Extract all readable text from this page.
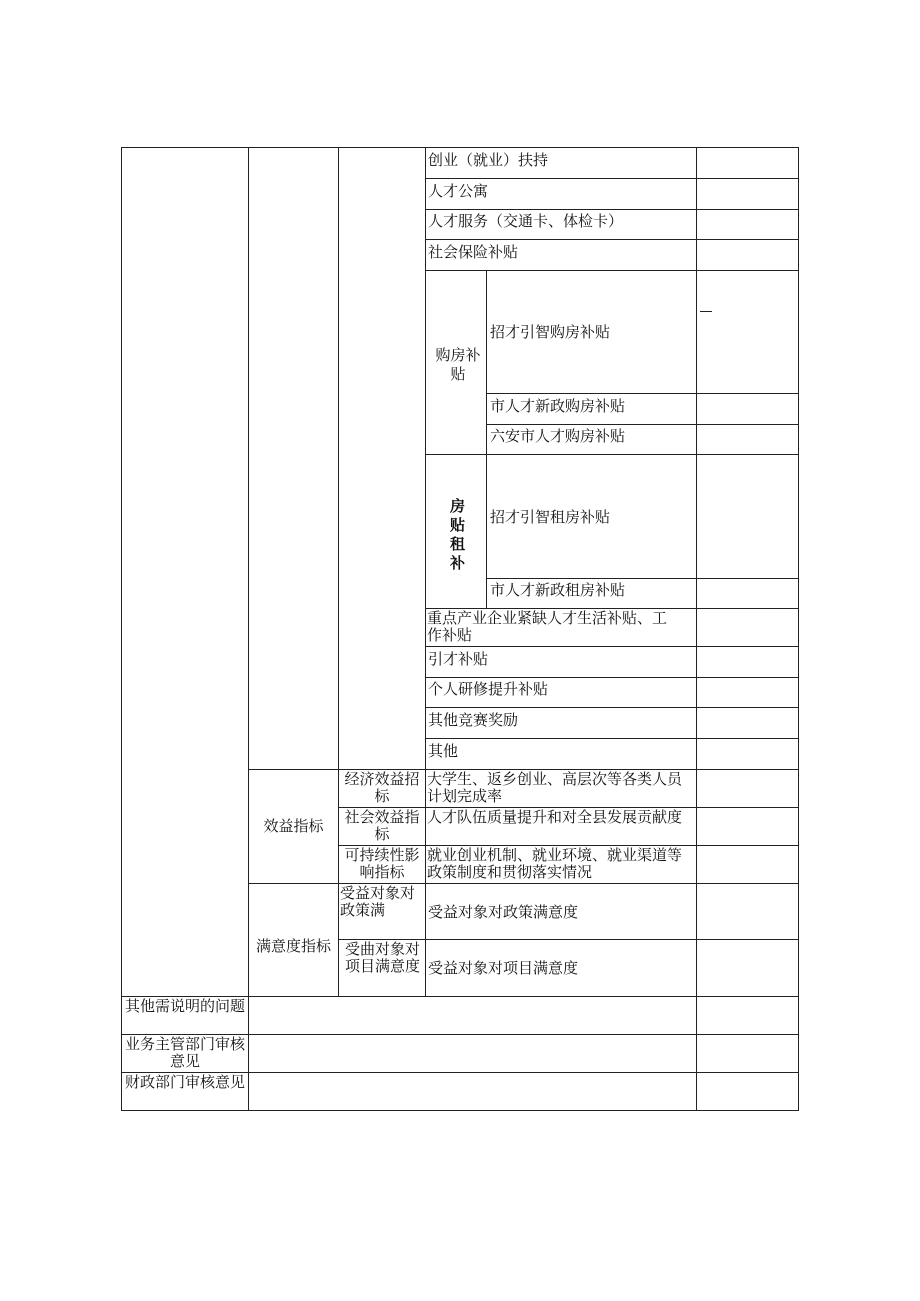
创业（就业）扶持
人才公寓
人才服务（交通卡、体检卡）
社会保险补贴
购房补贴
招才引智购房补贴
市人才新政购房补贴
六安市人才购房补贴
房贴租补
招才引智租房补贴
市人才新政租房补贴
重点产业企业紧缺人才生活补贴、工作补贴
引才补贴
个人研修提升补贴
其他竞赛奖励
其他
效益指标
经济效益招标
大学生、返乡创业、高层次等各类人员计划完成率
社会效益指标
人才队伍质量提升和对全县发展贡献度
可持续性影响指标
就业创业机制、就业环境、就业渠道等政策制度和贯彻落实情况
满意度指标
受益对象对政策满	受益对象对政策满意度
受曲对象对项目满意度 受益对象对项目满意度
其他需说明的问题
业务主管部门审核意见
财政部门审核意见
